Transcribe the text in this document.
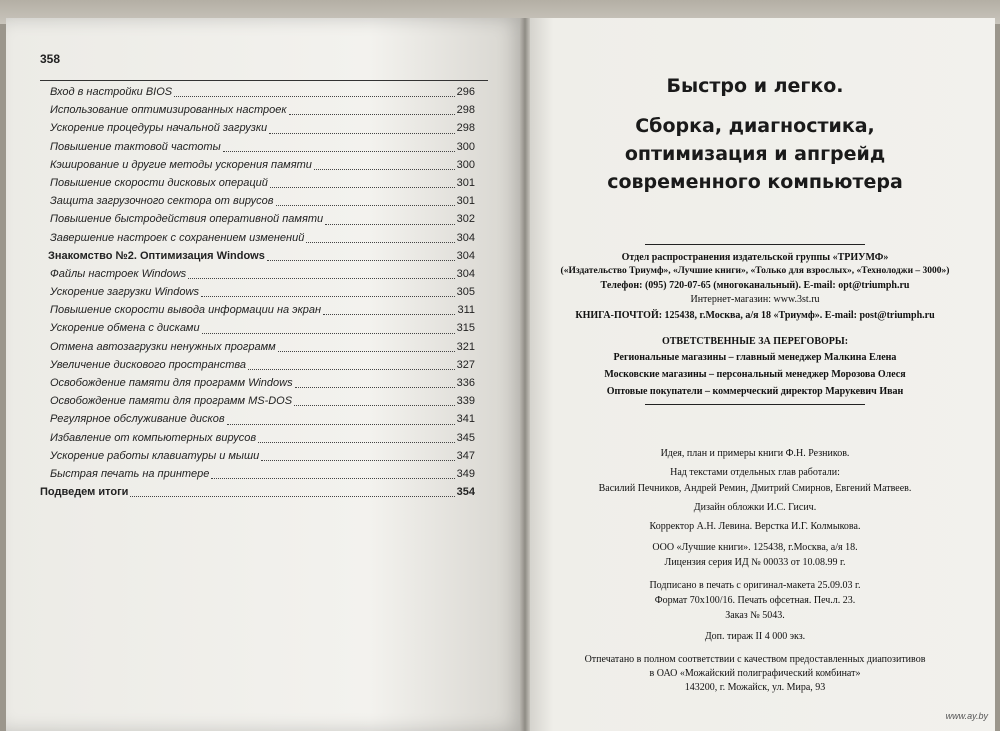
358
Вход в настройки BIOS	296
Использование оптимизированных настроек	298
Ускорение процедуры начальной загрузки	298
Повышение тактовой частоты	300
Кэширование и другие методы ускорения памяти	300
Повышение скорости дисковых операций	301
Защита загрузочного сектора от вирусов	301
Повышение быстродействия оперативной памяти	302
Завершение настроек с сохранением изменений	304
Знакомство №2. Оптимизация Windows	304
Файлы настроек Windows	304
Ускорение загрузки Windows	305
Повышение скорости вывода информации на экран	311
Ускорение обмена с дисками	315
Отмена автозагрузки ненужных программ	321
Увеличение дискового пространства	327
Освобождение памяти для программ Windows	336
Освобождение памяти для программ MS-DOS	339
Регулярное обслуживание дисков	341
Избавление от компьютерных вирусов	345
Ускорение работы клавиатуры и мыши	347
Быстрая печать на принтере	349
Подведем итоги	354
Быстро и легко.
Сборка, диагностика,
оптимизация и апгрейд
современного компьютера
Отдел распространения издательской группы «ТРИУМФ»
(«Издательство Триумф», «Лучшие книги», «Только для взрослых», «Технолоджи – 3000»)
Телефон: (095) 720-07-65 (многоканальный). E-mail: opt@triumph.ru
Интернет-магазин: www.3st.ru
КНИГА-ПОЧТОЙ: 125438, г.Москва, а/я 18 «Триумф». E-mail: post@triumph.ru
ОТВЕТСТВЕННЫЕ ЗА ПЕРЕГОВОРЫ:
Региональные магазины – главный менеджер Малкина Елена
Московские магазины – персональный менеджер Морозова Олеся
Оптовые покупатели – коммерческий директор Марукевич Иван
Идея, план и примеры книги Ф.Н. Резников.
Над текстами отдельных глав работали:
Василий Печников, Андрей Ремин, Дмитрий Смирнов, Евгений Матвеев.
Дизайн обложки И.С. Гисич.
Корректор А.Н. Левина. Верстка И.Г. Колмыкова.
ООО «Лучшие книги». 125438, г.Москва, а/я 18.
Лицензия серия ИД № 00033 от 10.08.99 г.
Подписано в печать с оригинал-макета 25.09.03 г.
Формат 70х100/16. Печать офсетная. Печ.л. 23.
Заказ № 5043.
Доп. тираж II 4 000 экз.
Отпечатано в полном соответствии с качеством предоставленных диапозитивов
в ОАО «Можайский полиграфический комбинат»
143200, г. Можайск, ул. Мира, 93
www.ay.by
